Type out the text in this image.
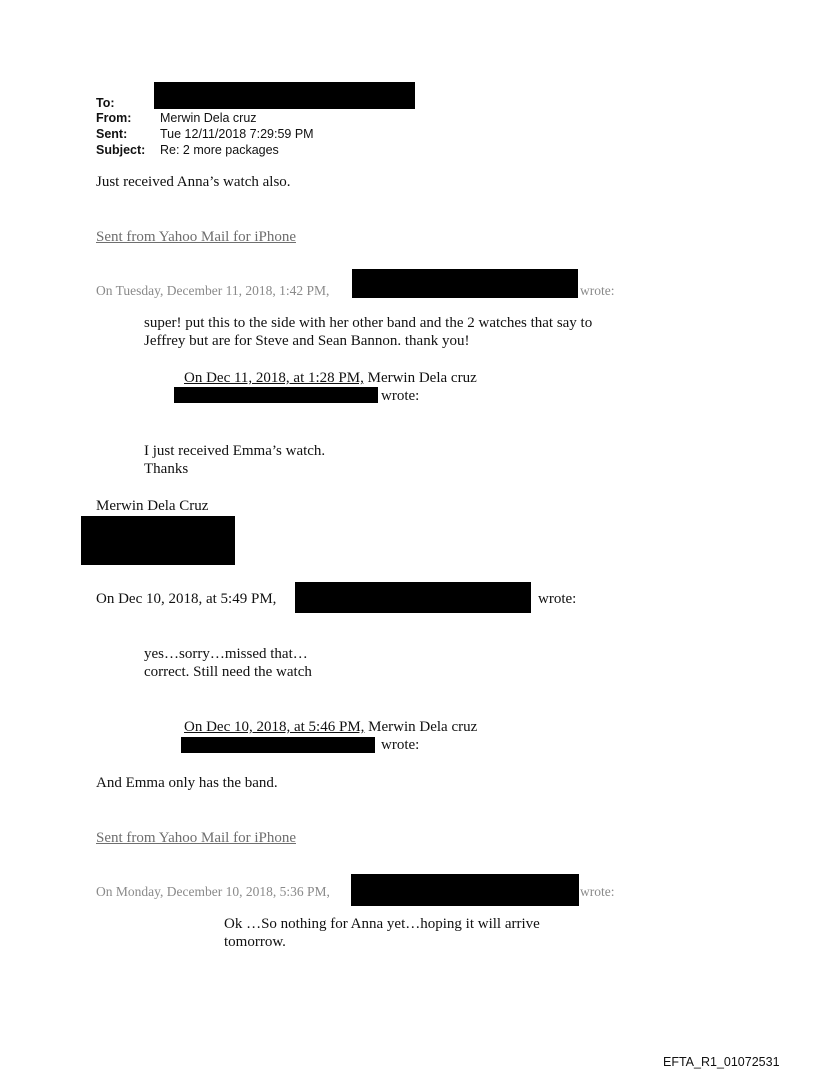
To:
From: Merwin Dela cruz
Sent:	Tue 12/11/2018 7:29:59 PM
Subject: Re: 2 more packages
Just received Anna’s watch also.
Sent from Yahoo Mail for iPhone
On Tuesday, December 11, 2018, 1:42 PM,	wrote:
super! put this to the side with her other band and the 2 watches that say to
Jeffrey but are for Steve and Sean Bannon. thank you!
On Dec 11, 2018, at 1:28 PM, Merwin Dela cruz
wrote:
I just received Emma’s watch.
Thanks
Merwin Dela Cruz
On Dec 10, 2018, at 5:49 PM,	wrote:
yes…sorry…missed that…
correct. Still need the watch
On Dec 10, 2018, at 5:46 PM, Merwin Dela cruz
wrote:
And Emma only has the band.
Sent from Yahoo Mail for iPhone
On Monday, December 10, 2018, 5:36 PM,	wrote:
Ok …So nothing for Anna yet…hoping it will arrive
tomorrow.
EFTA_R1_01072531
